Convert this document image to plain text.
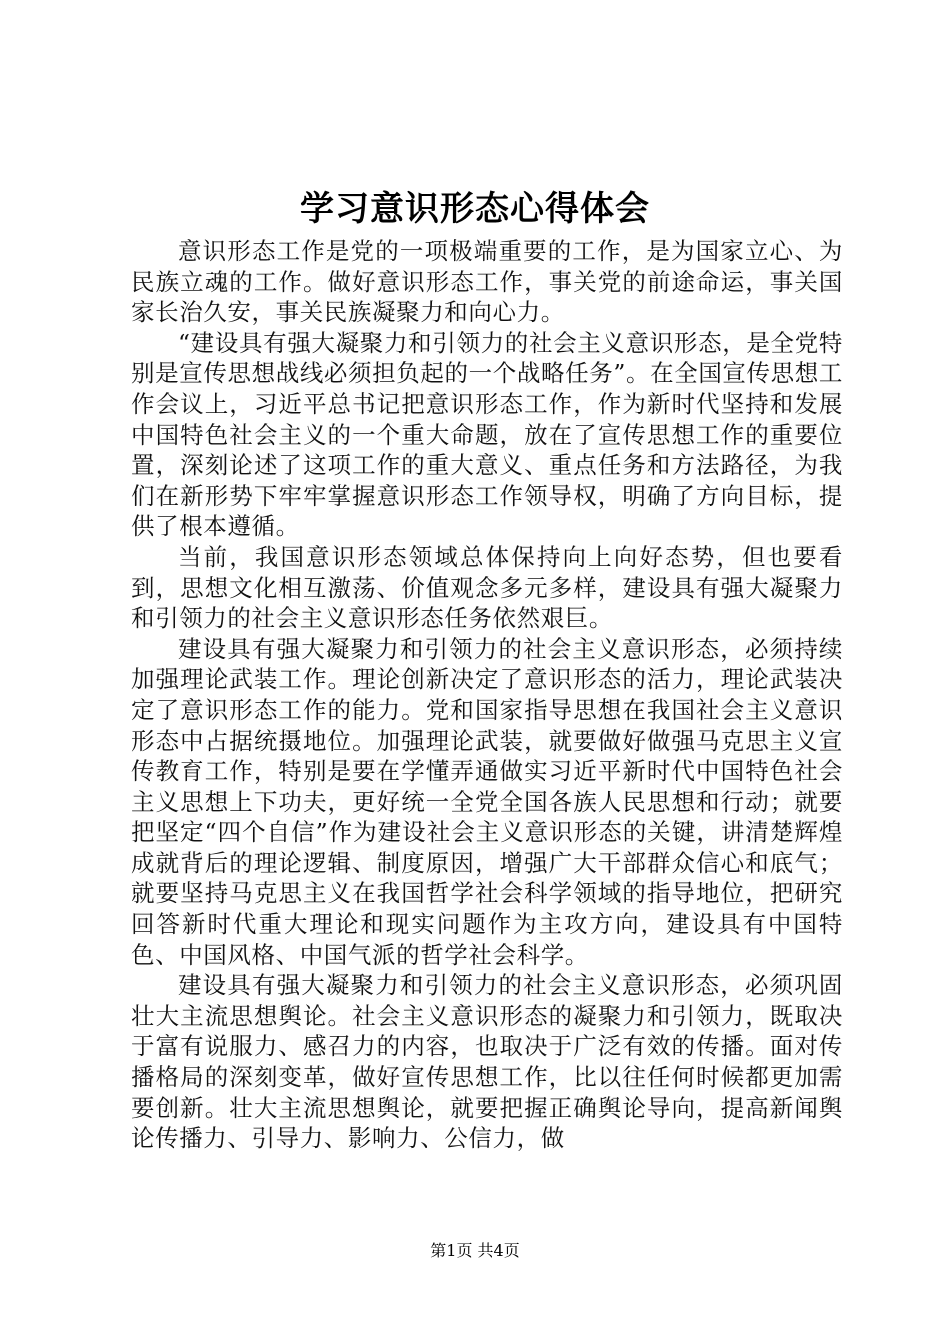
学习意识形态心得体会

意识形态工作是党的一项极端重要的工作，是为国家立心、为民族立魂的工作。做好意识形态工作，事关党的前途命运，事关国家长治久安，事关民族凝聚力和向心力。

“建设具有强大凝聚力和引领力的社会主义意识形态，是全党特别是宣传思想战线必须担负起的一个战略任务”。在全国宣传思想工作会议上，习近平总书记把意识形态工作，作为新时代坚持和发展中国特色社会主义的一个重大命题，放在了宣传思想工作的重要位置，深刻论述了这项工作的重大意义、重点任务和方法路径，为我们在新形势下牢牢掌握意识形态工作领导权，明确了方向目标，提供了根本遵循。

当前，我国意识形态领域总体保持向上向好态势，但也要看到，思想文化相互激荡、价值观念多元多样，建设具有强大凝聚力和引领力的社会主义意识形态任务依然艰巨。

建设具有强大凝聚力和引领力的社会主义意识形态，必须持续加强理论武装工作。理论创新决定了意识形态的活力，理论武装决定了意识形态工作的能力。党和国家指导思想在我国社会主义意识形态中占据统摄地位。加强理论武装，就要做好做强马克思主义宣传教育工作，特别是要在学懂弄通做实习近平新时代中国特色社会主义思想上下功夫，更好统一全党全国各族人民思想和行动；就要把坚定“四个自信”作为建设社会主义意识形态的关键，讲清楚辉煌成就背后的理论逻辑、制度原因，增强广大干部群众信心和底气；就要坚持马克思主义在我国哲学社会科学领域的指导地位，把研究回答新时代重大理论和现实问题作为主攻方向，建设具有中国特色、中国风格、中国气派的哲学社会科学。

建设具有强大凝聚力和引领力的社会主义意识形态，必须巩固壮大主流思想舆论。社会主义意识形态的凝聚力和引领力，既取决于富有说服力、感召力的内容，也取决于广泛有效的传播。面对传播格局的深刻变革，做好宣传思想工作，比以往任何时候都更加需要创新。壮大主流思想舆论，就要把握正确舆论导向，提高新闻舆论传播力、引导力、影响力、公信力，做

第1页 共4页
